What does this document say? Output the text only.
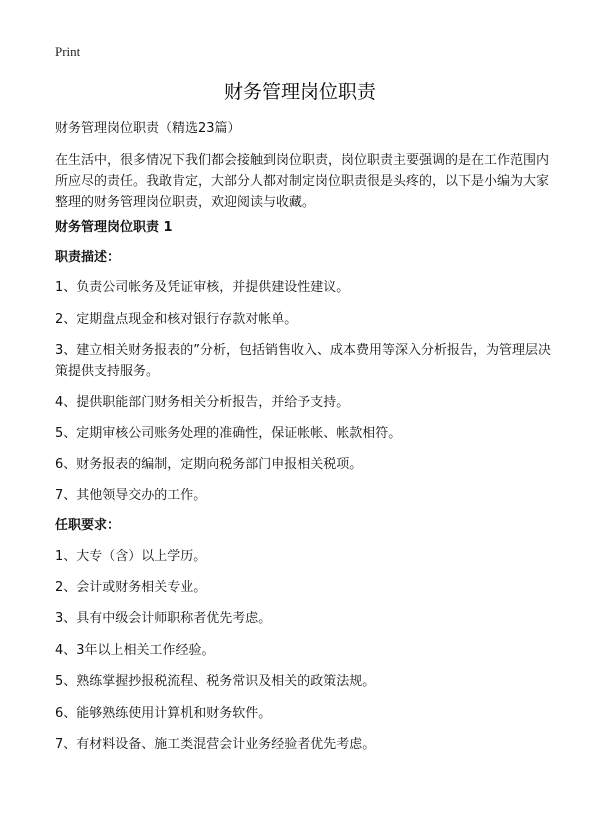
Print
财务管理岗位职责

财务管理岗位职责（精选23篇）

在生活中，很多情况下我们都会接触到岗位职责，岗位职责主要强调的是在工作范围内所应尽的责任。我敢肯定，大部分人都对制定岗位职责很是头疼的，以下是小编为大家整理的财务管理岗位职责，欢迎阅读与收藏。

财务管理岗位职责 1

职责描述：

1、负责公司帐务及凭证审核，并提供建设性建议。

2、定期盘点现金和核对银行存款对帐单。

3、建立相关财务报表的”分析，包括销售收入、成本费用等深入分析报告，为管理层决策提供支持服务。

4、提供职能部门财务相关分析报告，并给予支持。

5、定期审核公司账务处理的准确性，保证帐帐、帐款相符。

6、财务报表的编制，定期向税务部门申报相关税项。

7、其他领导交办的工作。

任职要求：

1、大专（含）以上学历。

2、会计或财务相关专业。

3、具有中级会计师职称者优先考虑。

4、3年以上相关工作经验。

5、熟练掌握抄报税流程、税务常识及相关的政策法规。

6、能够熟练使用计算机和财务软件。

7、有材料设备、施工类混营会计业务经验者优先考虑。
